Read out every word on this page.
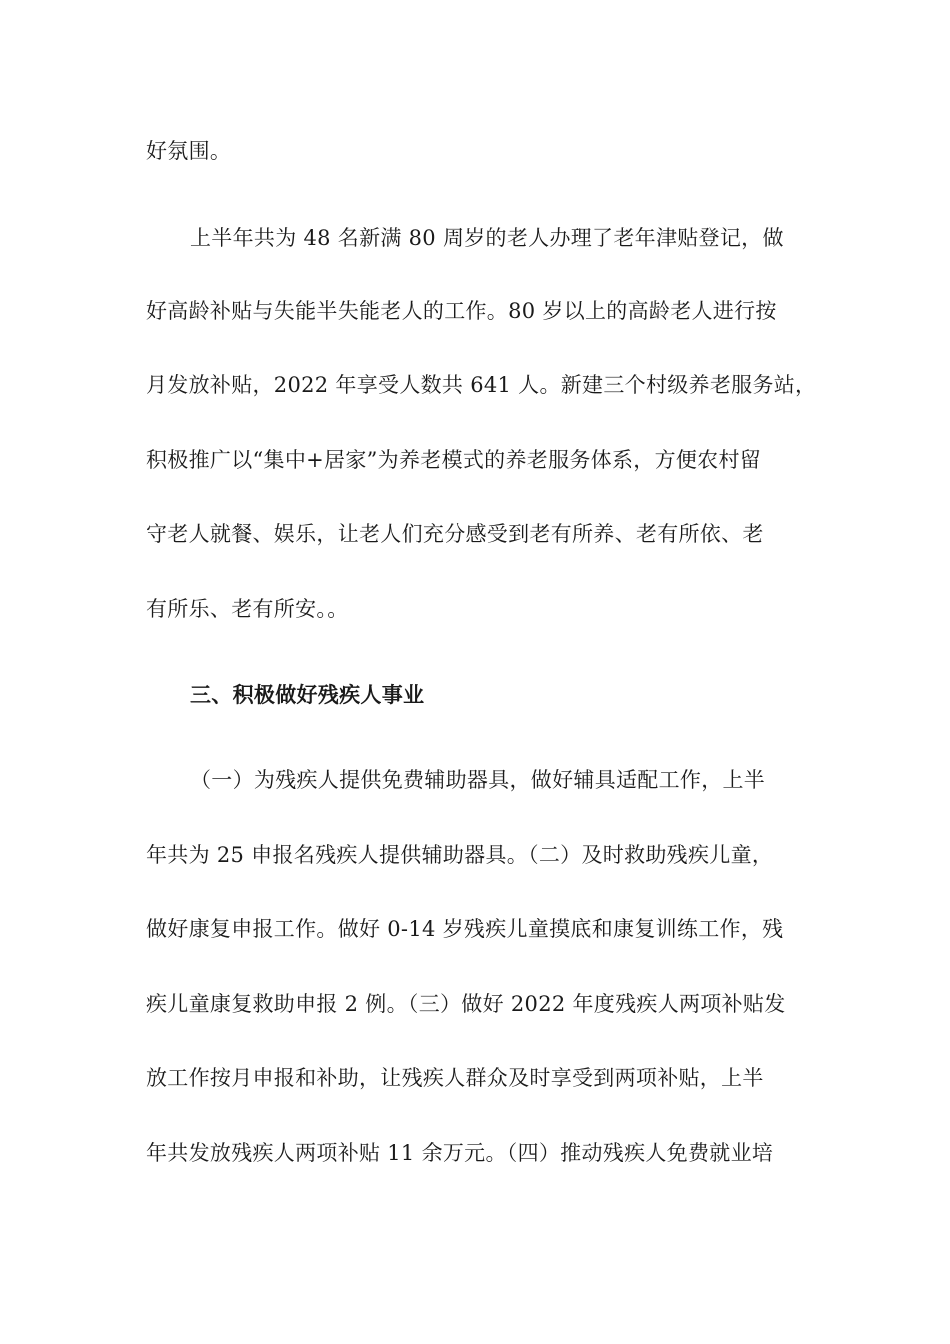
好氛围。
上半年共为 48 名新满 80 周岁的老人办理了老年津贴登记，做
好高龄补贴与失能半失能老人的工作。80 岁以上的高龄老人进行按
月发放补贴，2022 年享受人数共 641 人。新建三个村级养老服务站，
积极推广以“集中+居家”为养老模式的养老服务体系，方便农村留
守老人就餐、娱乐，让老人们充分感受到老有所养、老有所依、老
有所乐、老有所安。。
三、积极做好残疾人事业
（一）为残疾人提供免费辅助器具，做好辅具适配工作，上半
年共为 25 申报名残疾人提供辅助器具。（二）及时救助残疾儿童，
做好康复申报工作。做好 0-14 岁残疾儿童摸底和康复训练工作，残
疾儿童康复救助申报 2 例。（三）做好 2022 年度残疾人两项补贴发
放工作按月申报和补助，让残疾人群众及时享受到两项补贴，上半
年共发放残疾人两项补贴 11 余万元。（四）推动残疾人免费就业培
